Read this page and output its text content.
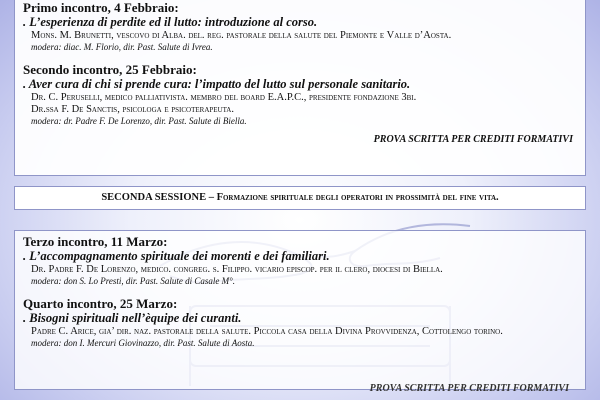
Primo incontro, 4 Febbraio:
. L’esperienza di perdite ed il lutto: introduzione al corso.
Mons. M. Brunetti, vescovo di Alba. del. reg. pastorale della salute del Piemonte e Valle d’Aosta.
modera: diac. M. Florio, dir. Past. Salute di Ivrea.
Secondo incontro, 25 Febbraio:
. Aver cura di chi si prende cura: l’impatto del lutto sul personale sanitario.
Dr. C. Peruselli, medico palliativista. membro del board E.A.P.C., presidente fondazione 3bi.
Dr.ssa F. De Sanctis, psicologa e psicoterapeuta.
modera: dr. Padre F. De Lorenzo, dir. Past. Salute di Biella.
PROVA SCRITTA PER CREDITI FORMATIVI
SECONDA SESSIONE – Formazione spirituale degli operatori in prossimità del fine vita.
Terzo incontro, 11 Marzo:
. L’accompagnamento spirituale dei morenti e dei familiari.
Dr. Padre F. De Lorenzo, medico. congreg. s. Filippo. vicario episcop. per il clero, diocesi di Biella.
modera: don S. Lo Presti, dir. Past. Salute di Casale M°.
Quarto incontro, 25 Marzo:
. Bisogni spirituali nell’èquipe dei curanti.
Padre C. Arice, gia’ dir. naz. pastorale della salute. Piccola casa della Divina Provvidenza, Cottolengo torino.
modera: don I. Mercuri Giovinazzo, dir. Past. Salute di Aosta.
PROVA SCRITTA PER CREDITI FORMATIVI
